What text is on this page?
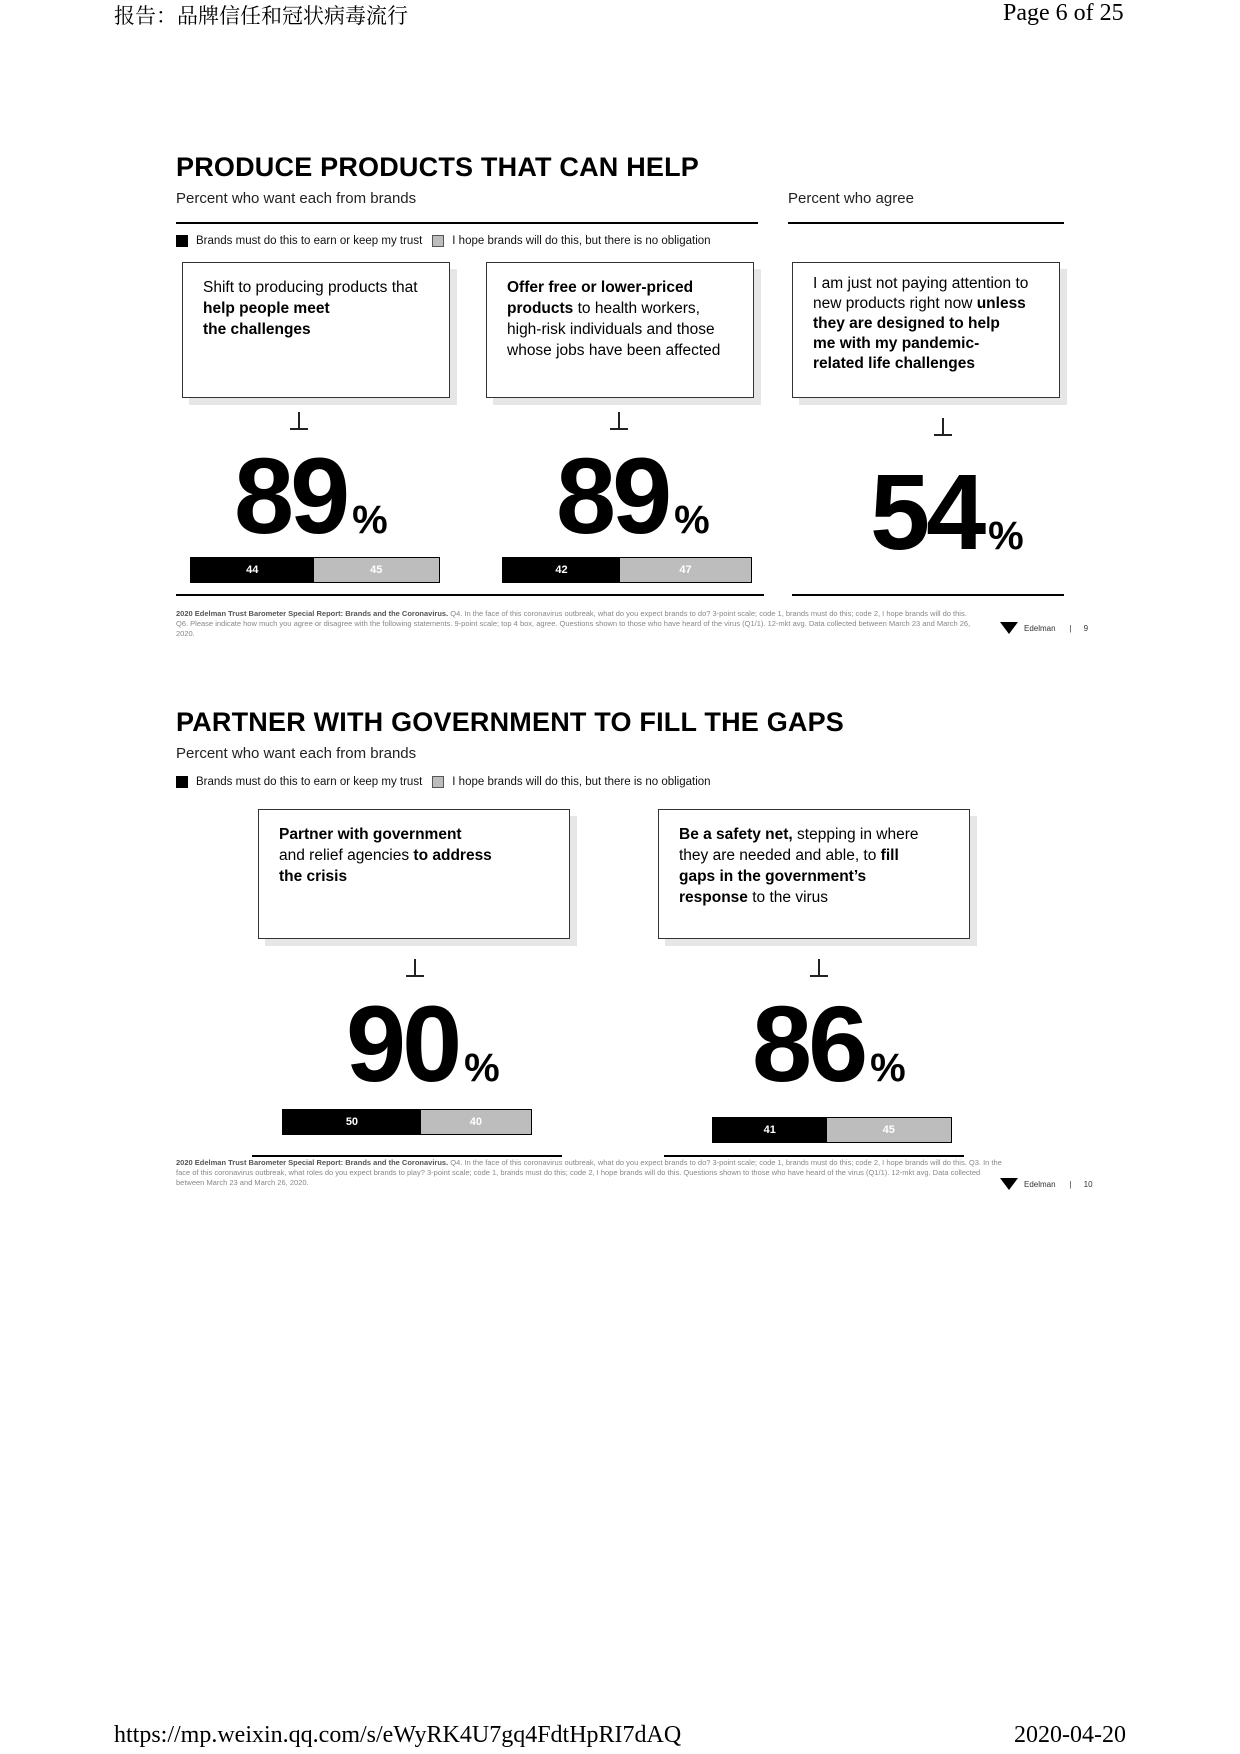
报告：品牌信任和冠状病毒流行	Page 6 of 25
PRODUCE PRODUCTS THAT CAN HELP
Percent who want each from brands	Percent who agree
Brands must do this to earn or keep my trust	I hope brands will do this, but there is no obligation
Shift to producing products that
help people meet
the challenges
89 %
44	45
Offer free or lower-priced
products to health workers,
high-risk individuals and those
whose jobs have been affected
89 %
42	47
I am just not paying attention to
new products right now unless
they are designed to help
me with my pandemic-
related life challenges
54 %
2020 Edelman Trust Barometer Special Report: Brands and the Coronavirus. Q4. In the face of this coronavirus outbreak, what do you expect brands to do? 3-point scale; code 1, brands must do this; code 2, I hope brands will do this. Q6. Please indicate how much you agree or disagree with the following statements. 9-point scale; top 4 box, agree. Questions shown to those who have heard of the virus (Q1/1). 12-mkt avg. Data collected between March 23 and March 26, 2020.
Edelman | 9
PARTNER WITH GOVERNMENT TO FILL THE GAPS
Percent who want each from brands
Brands must do this to earn or keep my trust	I hope brands will do this, but there is no obligation
Partner with government
and relief agencies to address
the crisis
90 %
50	40
Be a safety net, stepping in where
they are needed and able, to fill
gaps in the government’s
response to the virus
86 %
41	45
2020 Edelman Trust Barometer Special Report: Brands and the Coronavirus. Q4. In the face of this coronavirus outbreak, what do you expect brands to do? 3-point scale; code 1, brands must do this; code 2, I hope brands will do this. Q3. In the face of this coronavirus outbreak, what roles do you expect brands to play? 3-point scale; code 1, brands must do this; code 2, I hope brands will do this. Questions shown to those who have heard of the virus (Q1/1). 12-mkt avg. Data collected between March 23 and March 26, 2020.	Edelman | 10
https://mp.weixin.qq.com/s/eWyRK4U7gq4FdtHpRI7dAQ	2020-04-20
